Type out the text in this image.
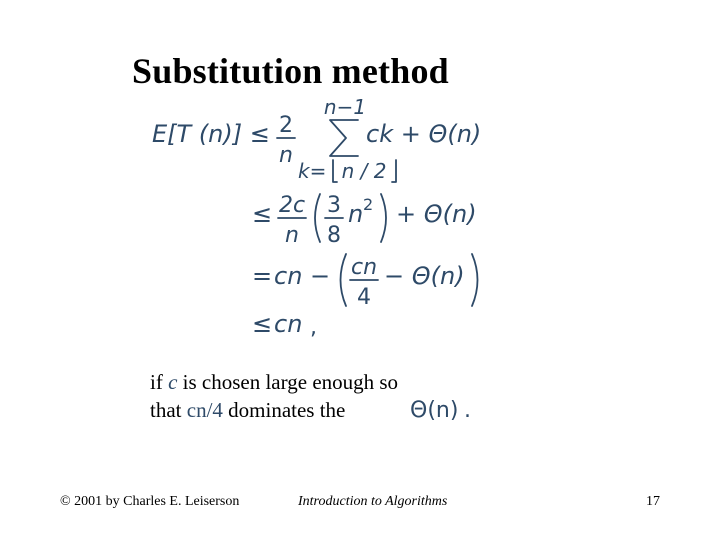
Substitution method
E[T (n)] ≤ 2
n
n−1
k= n / 2
ck + Θ(n)
≤ 2c
n
3
8
n 2 + Θ(n)
= cn − cn
4
− Θ(n)
≤ cn ,
if c is chosen large enough so
that cn/4 dominates the	Θ(n) .
© 2001 by Charles E. Leiserson	Introduction to Algorithms	17
